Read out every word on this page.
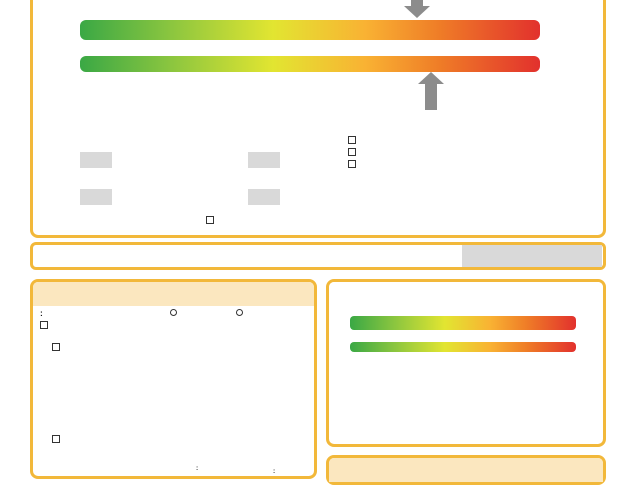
:

:	:
